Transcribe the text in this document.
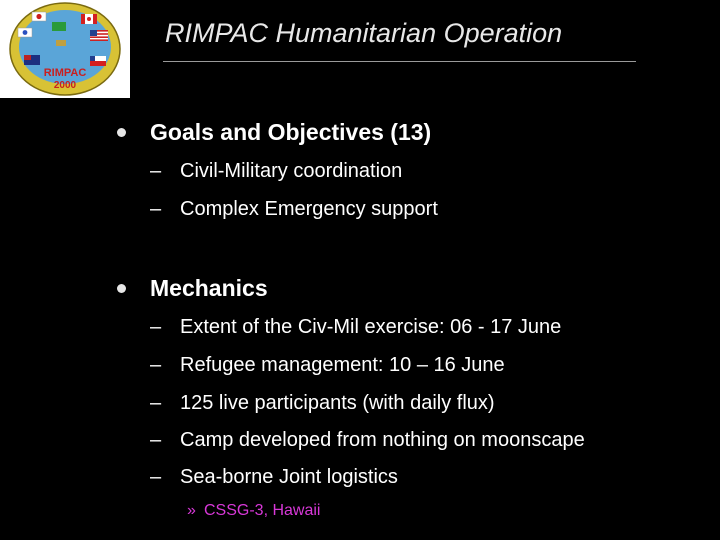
RIMPAC
2000
RIMPAC Humanitarian Operation
Goals and Objectives (13)
– Civil-Military coordination
– Complex Emergency support
Mechanics
– Extent of the Civ-Mil exercise: 06 - 17 June
– Refugee management: 10 – 16 June
– 125 live participants (with daily flux)
– Camp developed from nothing on moonscape
– Sea-borne Joint logistics
» CSSG-3, Hawaii
